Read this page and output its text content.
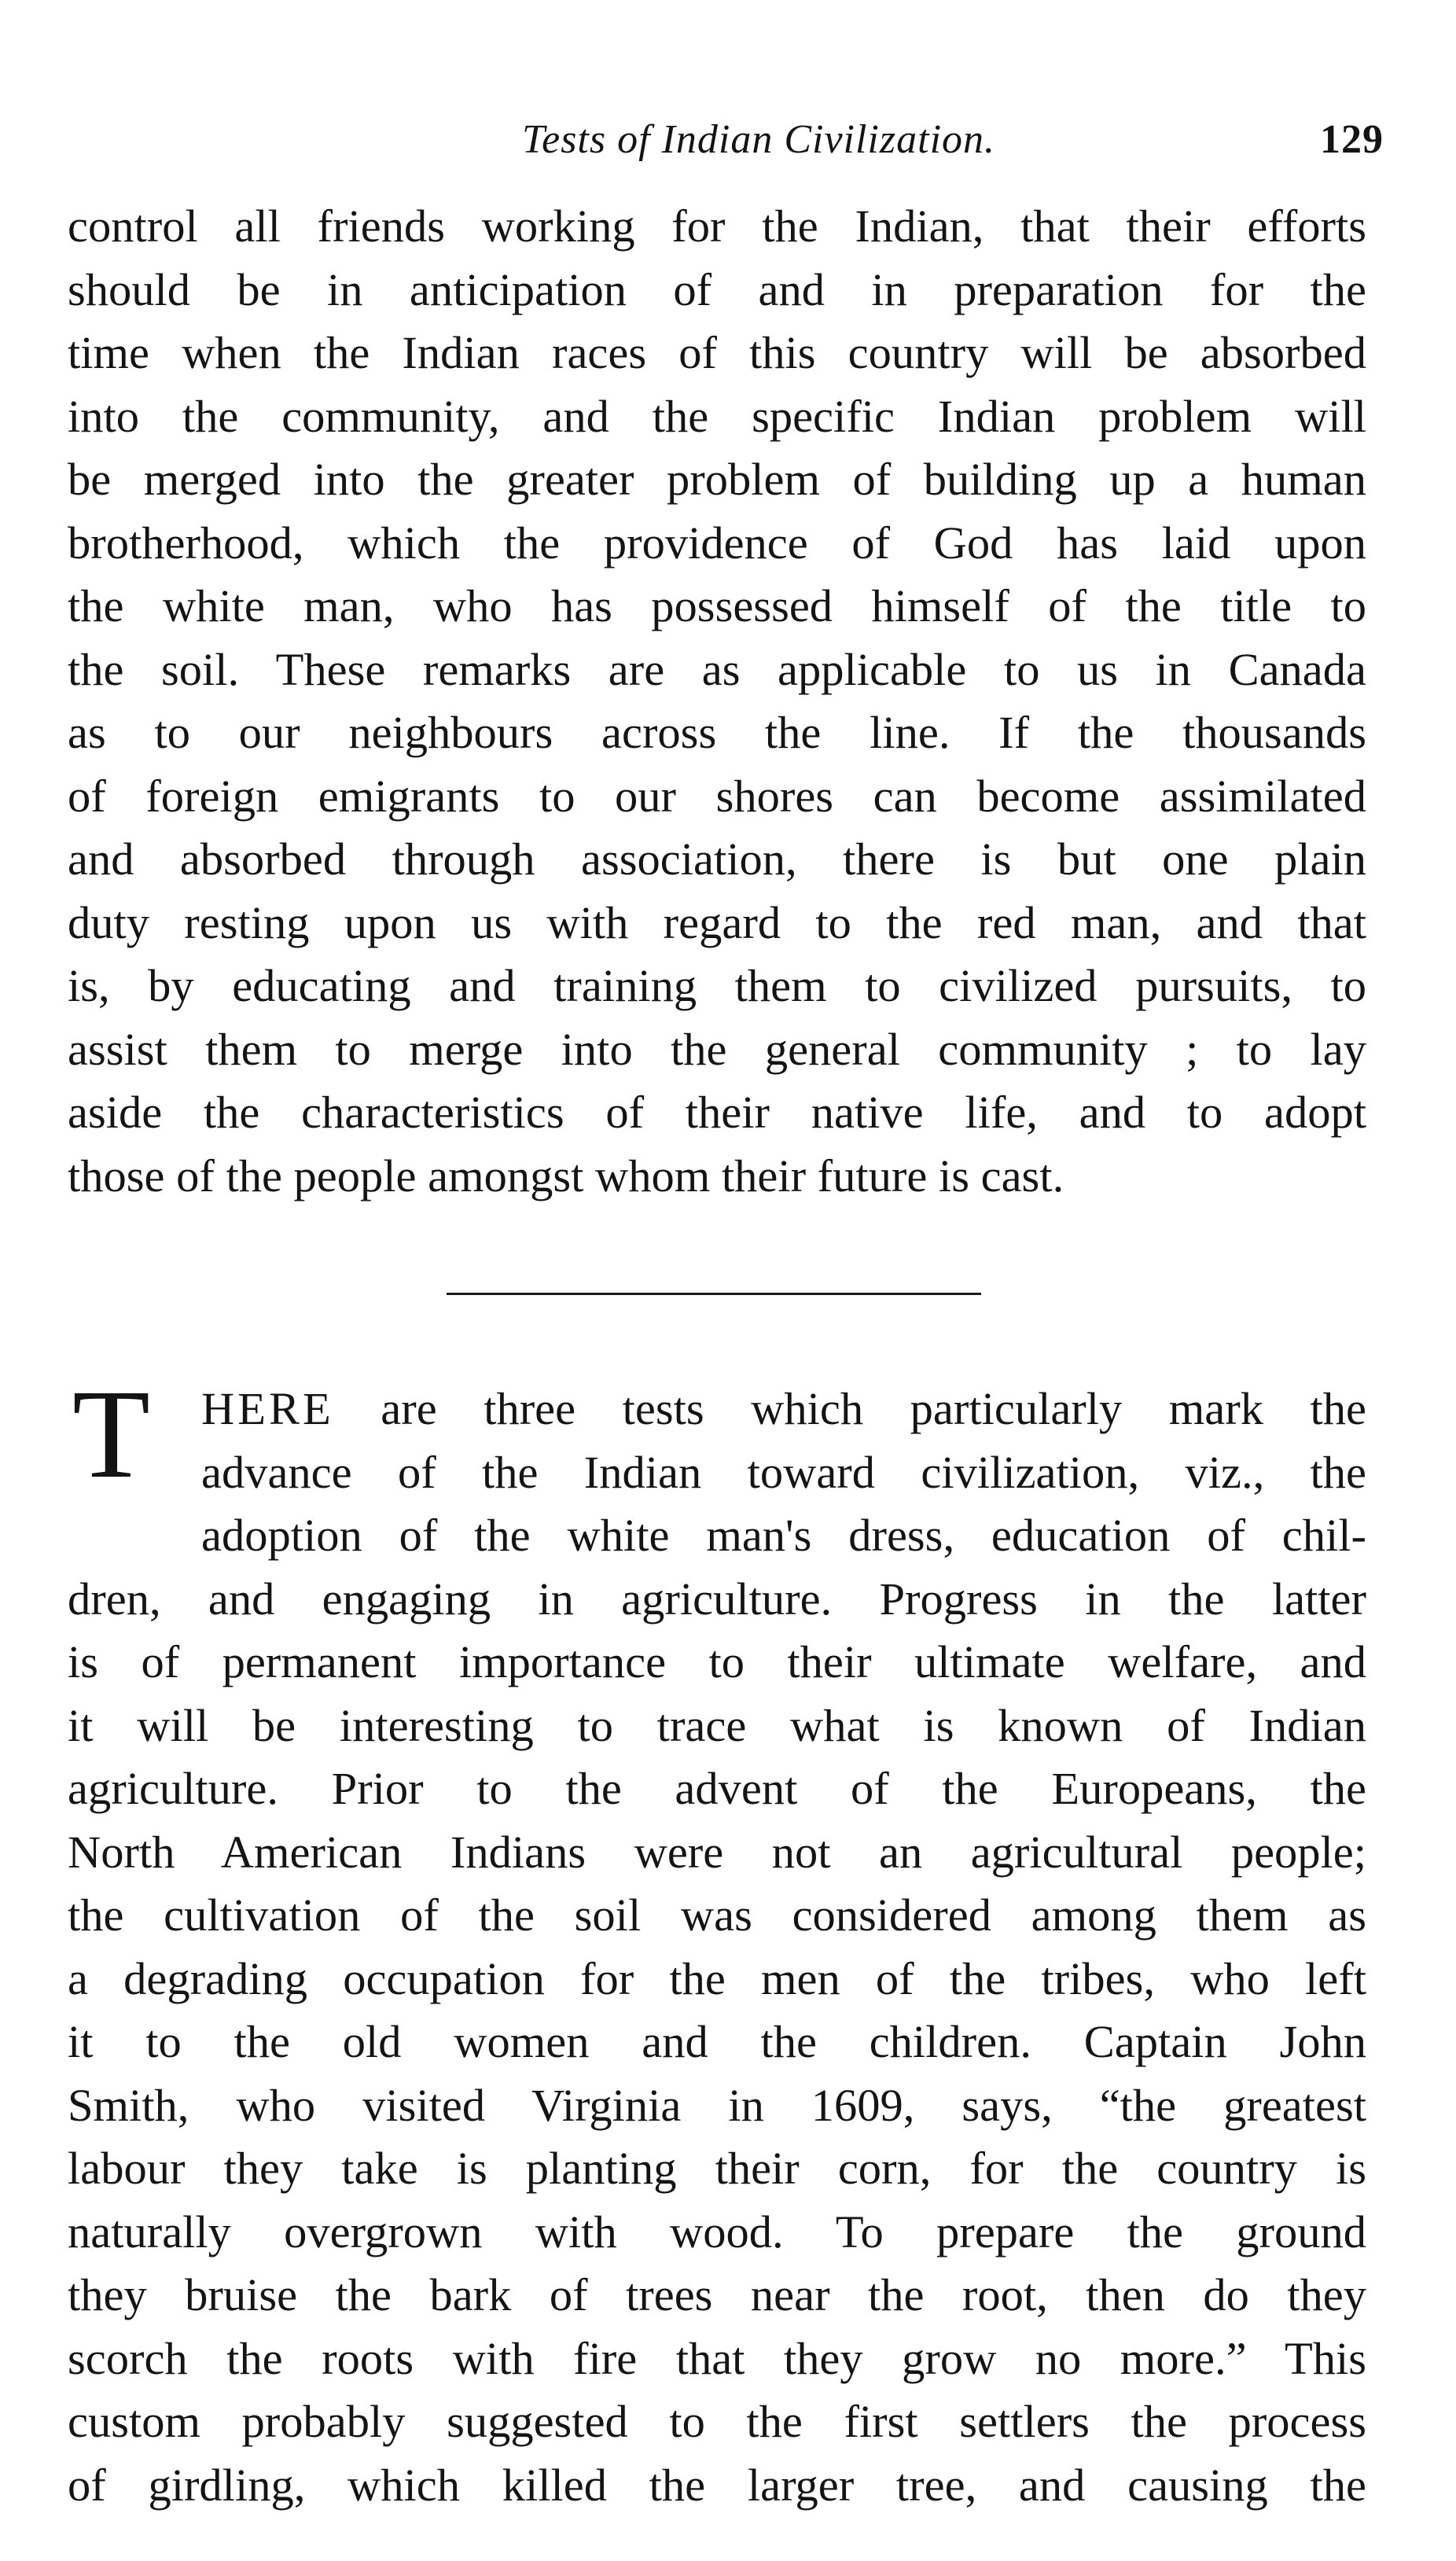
Tests of Indian Civilization.	129
control all friends working for the Indian, that their efforts
should be in anticipation of and in preparation for the
time when the Indian races of this country will be absorbed
into the community, and the specific Indian problem will
be merged into the greater problem of building up a human
brotherhood, which the providence of God has laid upon
the white man, who has possessed himself of the title to
the soil. These remarks are as applicable to us in Canada
as to our neighbours across the line. If the thousands
of foreign emigrants to our shores can become assimilated
and absorbed through association, there is but one plain
duty resting upon us with regard to the red man, and that
is, by educating and training them to civilized pursuits, to
assist them to merge into the general community ; to lay
aside the characteristics of their native life, and to adopt
those of the people amongst whom their future is cast.
T	HERE are three tests which particularly mark the
advance of the Indian toward civilization, viz., the
adoption of the white man's dress, education of chil-
dren, and engaging in agriculture. Progress in the latter
is of permanent importance to their ultimate welfare, and
it will be interesting to trace what is known of Indian
agriculture. Prior to the advent of the Europeans, the
North American Indians were not an agricultural people;
the cultivation of the soil was considered among them as
a degrading occupation for the men of the tribes, who left
it to the old women and the children. Captain John
Smith, who visited Virginia in 1609, says, “the greatest
labour they take is planting their corn, for the country is
naturally overgrown with wood. To prepare the ground
they bruise the bark of trees near the root, then do they
scorch the roots with fire that they grow no more.” This
custom probably suggested to the first settlers the process
of girdling, which killed the larger tree, and causing the
